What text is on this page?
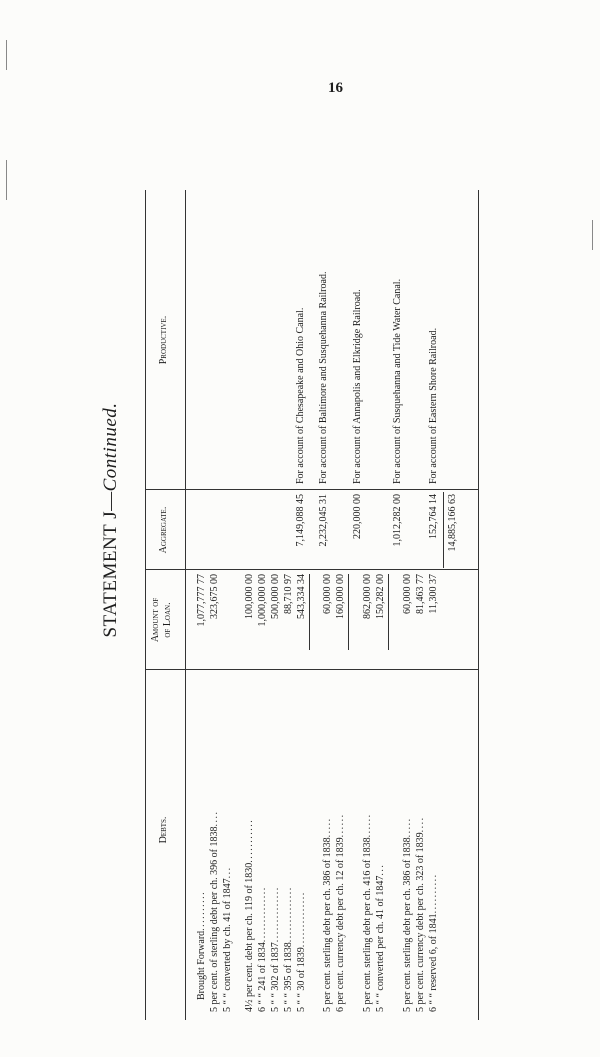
16
STATEMENT J—Continued.
Debts.
Amount of
of Loan.
Aggregate.
Productive.
Brought Forward..........
1,077,777 77
5 per cent. of sterling debt per ch. 396 of 1838....
323,675 00
5 “ “ converted by ch. 41 of 1847...
4½ per cent. debt per ch. 119 of 1830...........
100,000 00
6 “ “ 241 of 1834..............
1,000,000 00
5 “ “ 302 of 1837..............
500,000 00
5 “ “ 395 of 1838..............
88,710 97
5 “ “ 30 of 1839..............
543,334 34
7,149,088 45
For account of Chesapeake and Ohio Canal.
5 per cent. sterling debt per ch. 386 of 1838.....
60,000 00
6 per cent. currency debt per ch. 12 of 1839......
160,000 00
2,232,045 31
For account of Baltimore and Susquehanna Railroad.
5 per cent. sterling debt per ch. 416 of 1838......
862,000 00
5 “ “ converted per ch. 41 of 1847...
150,282 00
220,000 00
For account of Annapolis and Elkridge Railroad.
5 per cent. sterling debt per ch. 386 of 1838.....
60,000 00
5 per cent. currency debt per ch. 323 of 1839....
81,463 77
6 “ “ reserved 6, of 1841..........
11,300 37
1,012,282 00
For account of Susquehanna and Tide Water Canal.
152,764 14
For account of Eastern Shore Railroad.
14,885,166 63
